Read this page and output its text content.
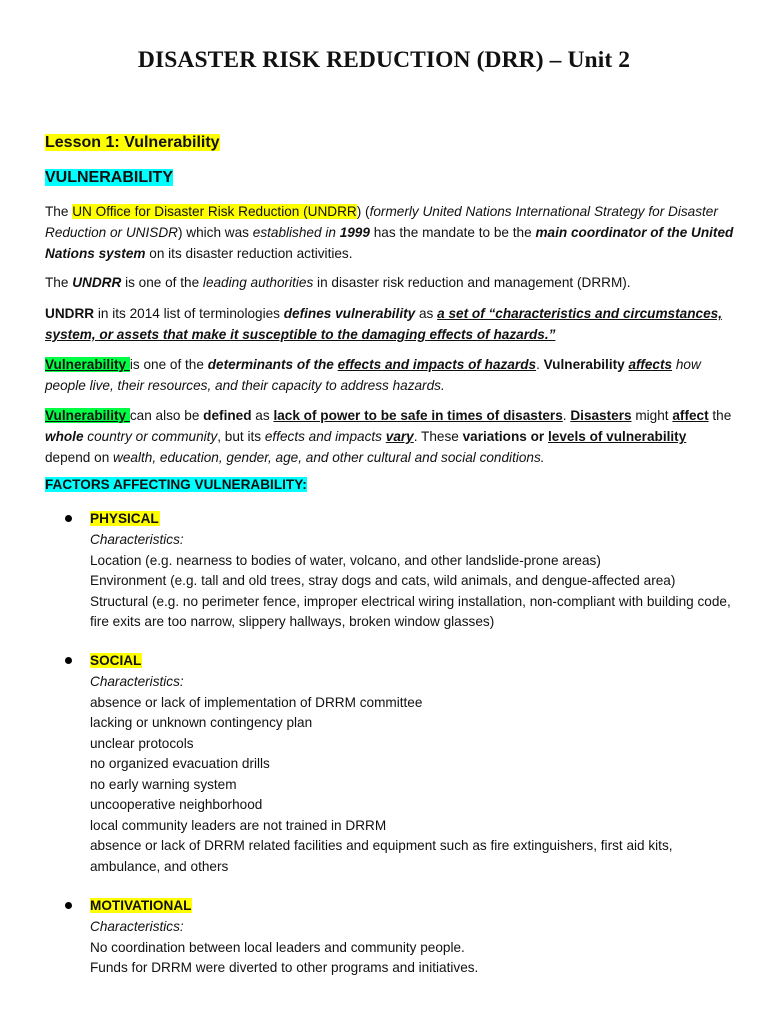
DISASTER RISK REDUCTION (DRR) – Unit 2
Lesson 1: Vulnerability
VULNERABILITY
The UN Office for Disaster Risk Reduction (UNDRR) (formerly United Nations International Strategy for Disaster Reduction or UNISDR) which was established in 1999 has the mandate to be the main coordinator of the United Nations system on its disaster reduction activities.
The UNDRR is one of the leading authorities in disaster risk reduction and management (DRRM).
UNDRR in its 2014 list of terminologies defines vulnerability as a set of “characteristics and circumstances, system, or assets that make it susceptible to the damaging effects of hazards.”
Vulnerability is one of the determinants of the effects and impacts of hazards. Vulnerability affects how people live, their resources, and their capacity to address hazards.
Vulnerability can also be defined as lack of power to be safe in times of disasters. Disasters might affect the whole country or community, but its effects and impacts vary. These variations or levels of vulnerability depend on wealth, education, gender, age, and other cultural and social conditions.
FACTORS AFFECTING VULNERABILITY:
PHYSICAL
Characteristics:
Location (e.g. nearness to bodies of water, volcano, and other landslide-prone areas)
Environment (e.g. tall and old trees, stray dogs and cats, wild animals, and dengue-affected area)
Structural (e.g. no perimeter fence, improper electrical wiring installation, non-compliant with building code, fire exits are too narrow, slippery hallways, broken window glasses)
SOCIAL
Characteristics:
absence or lack of implementation of DRRM committee
lacking or unknown contingency plan
unclear protocols
no organized evacuation drills
no early warning system
uncooperative neighborhood
local community leaders are not trained in DRRM
absence or lack of DRRM related facilities and equipment such as fire extinguishers, first aid kits, ambulance, and others
MOTIVATIONAL
Characteristics:
No coordination between local leaders and community people.
Funds for DRRM were diverted to other programs and initiatives.
